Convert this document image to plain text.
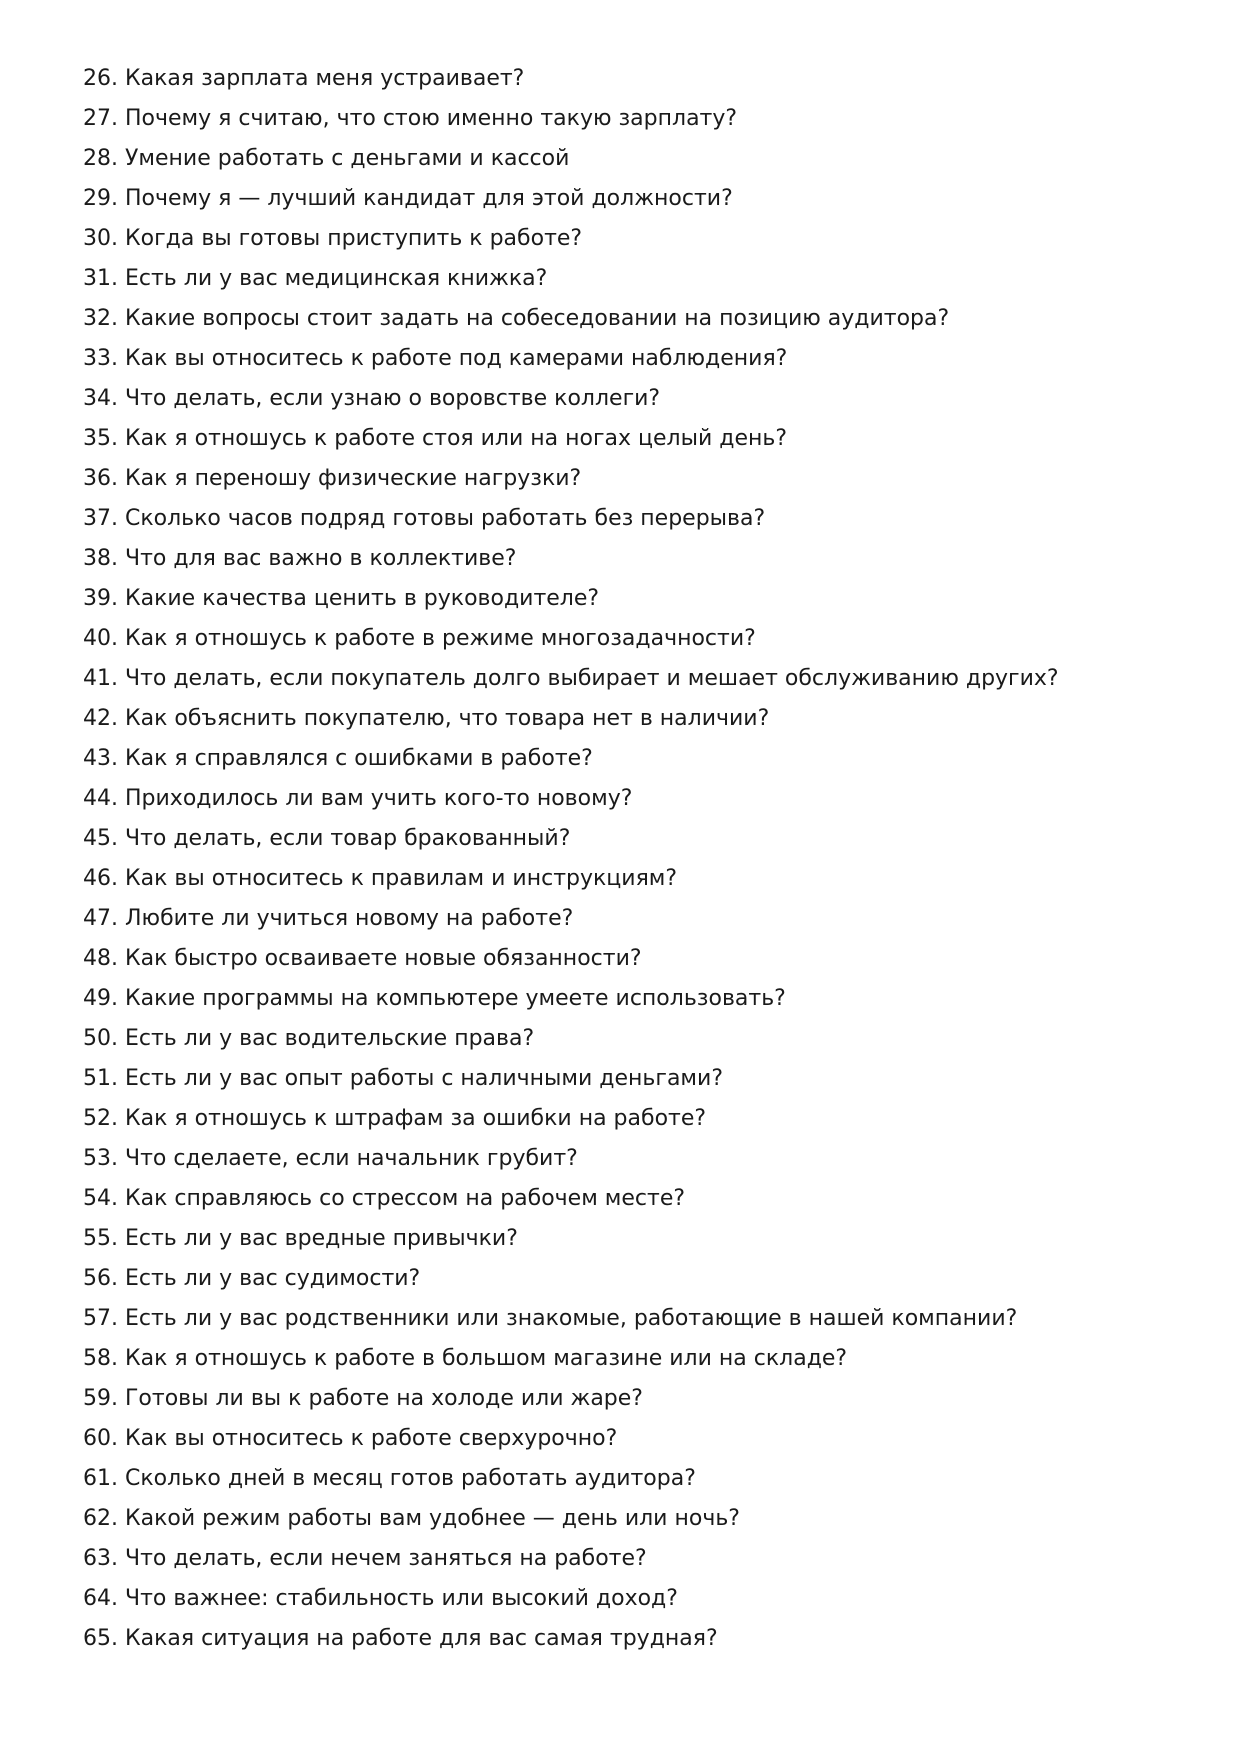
26. Какая зарплата меня устраивает?
27. Почему я считаю, что стою именно такую зарплату?
28. Умение работать с деньгами и кассой
29. Почему я — лучший кандидат для этой должности?
30. Когда вы готовы приступить к работе?
31. Есть ли у вас медицинская книжка?
32. Какие вопросы стоит задать на собеседовании на позицию аудитора?
33. Как вы относитесь к работе под камерами наблюдения?
34. Что делать, если узнаю о воровстве коллеги?
35. Как я отношусь к работе стоя или на ногах целый день?
36. Как я переношу физические нагрузки?
37. Сколько часов подряд готовы работать без перерыва?
38. Что для вас важно в коллективе?
39. Какие качества ценить в руководителе?
40. Как я отношусь к работе в режиме многозадачности?
41. Что делать, если покупатель долго выбирает и мешает обслуживанию других?
42. Как объяснить покупателю, что товара нет в наличии?
43. Как я справлялся с ошибками в работе?
44. Приходилось ли вам учить кого-то новому?
45. Что делать, если товар бракованный?
46. Как вы относитесь к правилам и инструкциям?
47. Любите ли учиться новому на работе?
48. Как быстро осваиваете новые обязанности?
49. Какие программы на компьютере умеете использовать?
50. Есть ли у вас водительские права?
51. Есть ли у вас опыт работы с наличными деньгами?
52. Как я отношусь к штрафам за ошибки на работе?
53. Что сделаете, если начальник грубит?
54. Как справляюсь со стрессом на рабочем месте?
55. Есть ли у вас вредные привычки?
56. Есть ли у вас судимости?
57. Есть ли у вас родственники или знакомые, работающие в нашей компании?
58. Как я отношусь к работе в большом магазине или на складе?
59. Готовы ли вы к работе на холоде или жаре?
60. Как вы относитесь к работе сверхурочно?
61. Сколько дней в месяц готов работать аудитора?
62. Какой режим работы вам удобнее — день или ночь?
63. Что делать, если нечем заняться на работе?
64. Что важнее: стабильность или высокий доход?
65. Какая ситуация на работе для вас самая трудная?
